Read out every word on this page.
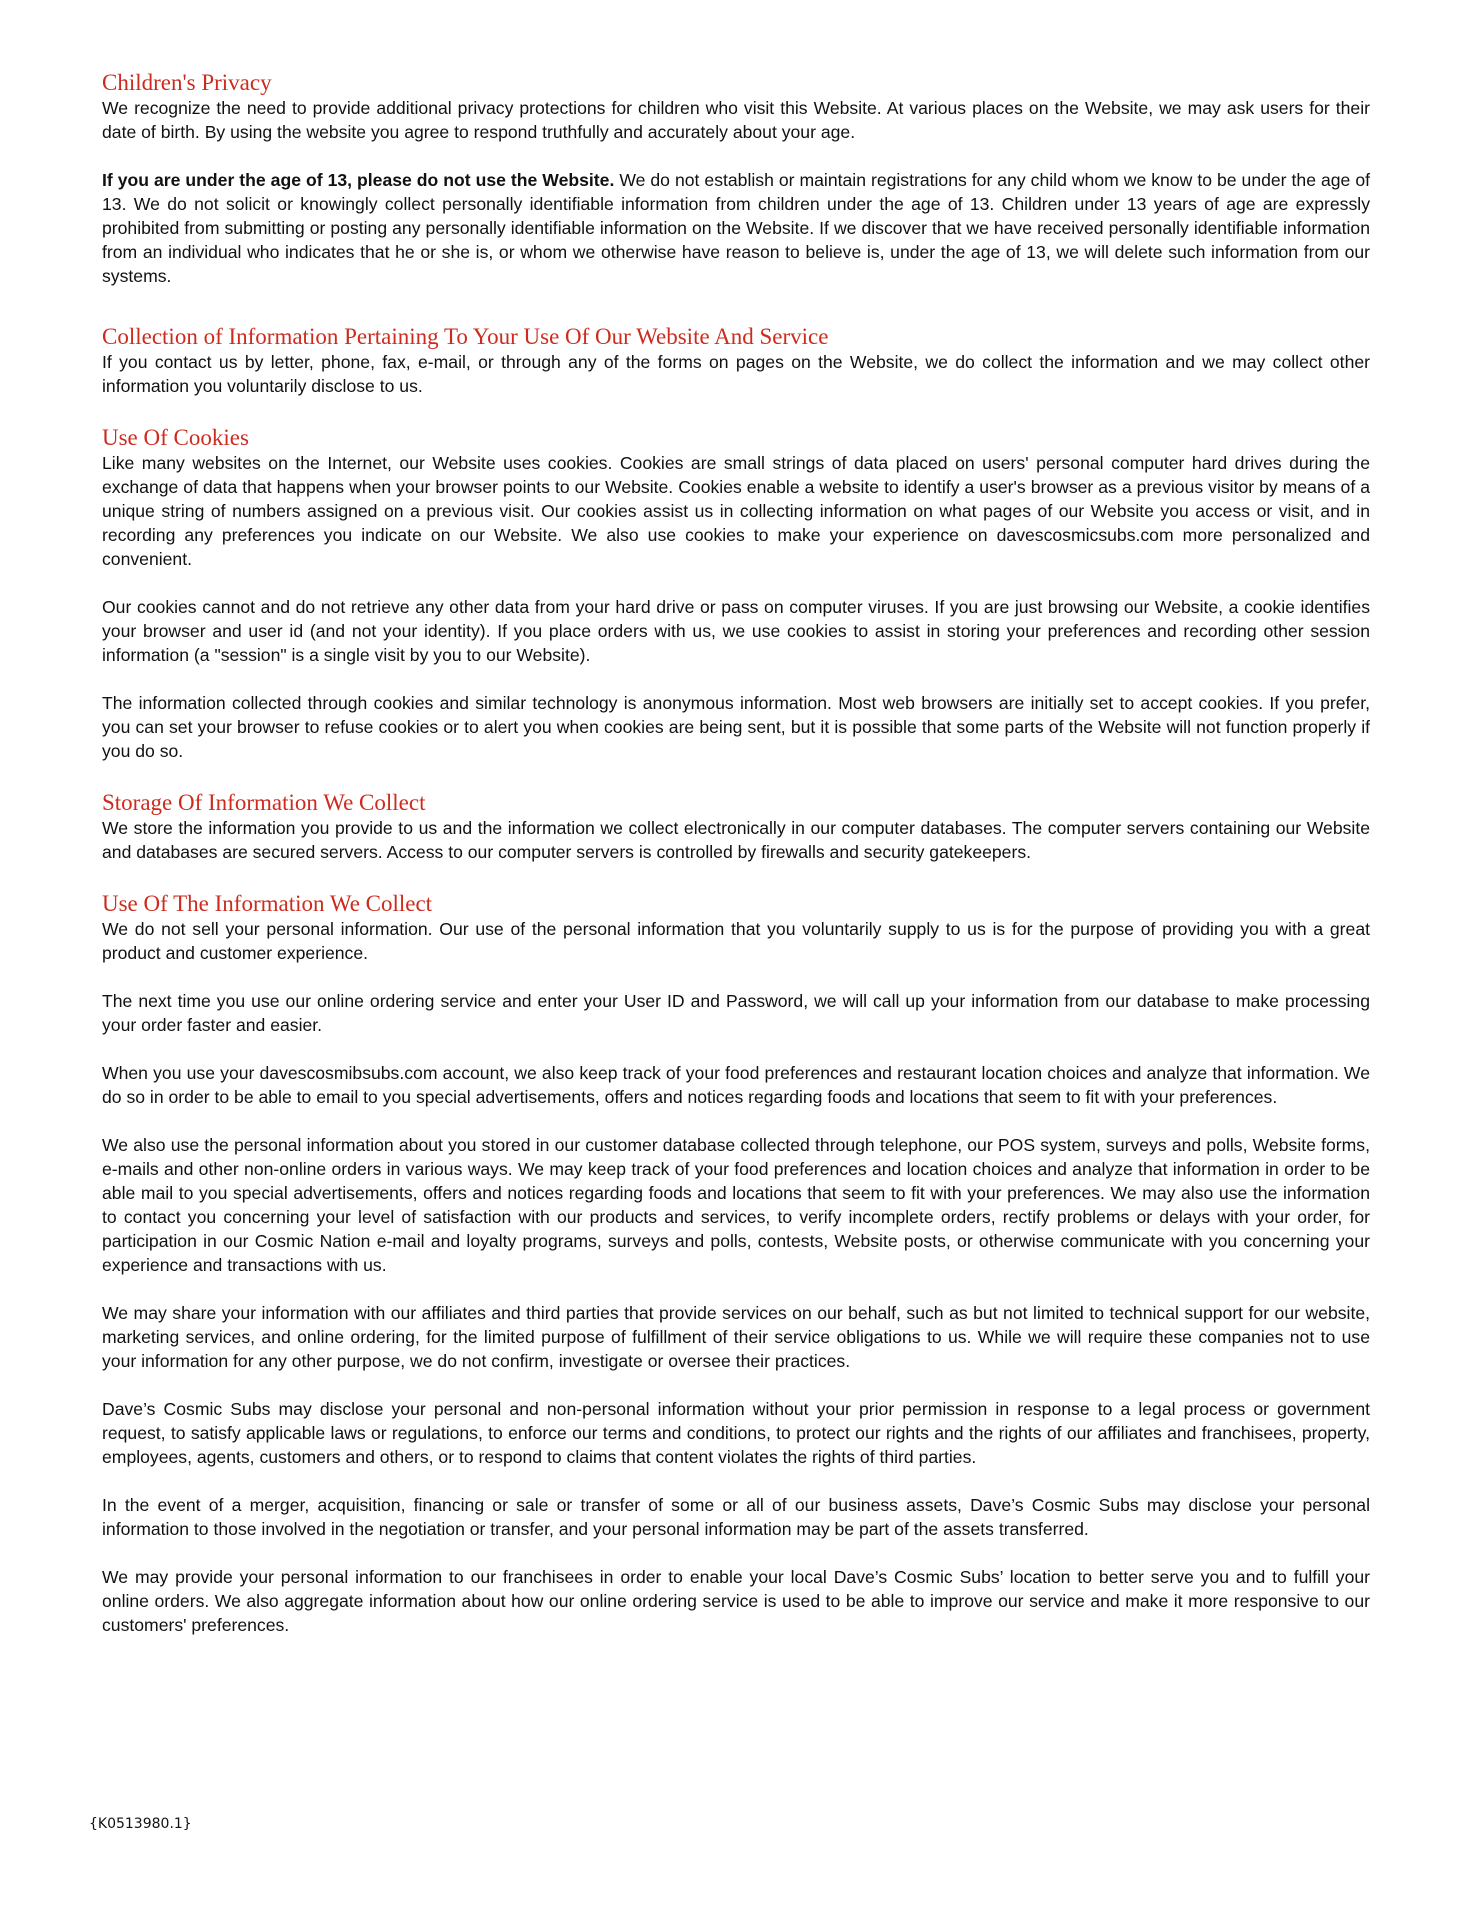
Children's Privacy

We recognize the need to provide additional privacy protections for children who visit this Website. At various places on the Website, we may ask users for their date of birth. By using the website you agree to respond truthfully and accurately about your age.

If you are under the age of 13, please do not use the Website. We do not establish or maintain registrations for any child whom we know to be under the age of 13. We do not solicit or knowingly collect personally identifiable information from children under the age of 13. Children under 13 years of age are expressly prohibited from submitting or posting any personally identifiable information on the Website. If we discover that we have received personally identifiable information from an individual who indicates that he or she is, or whom we otherwise have reason to believe is, under the age of 13, we will delete such information from our systems.

Collection of Information Pertaining To Your Use Of Our Website And Service

If you contact us by letter, phone, fax, e-mail, or through any of the forms on pages on the Website, we do collect the information and we may collect other information you voluntarily disclose to us.

Use Of Cookies

Like many websites on the Internet, our Website uses cookies. Cookies are small strings of data placed on users' personal computer hard drives during the exchange of data that happens when your browser points to our Website. Cookies enable a website to identify a user's browser as a previous visitor by means of a unique string of numbers assigned on a previous visit. Our cookies assist us in collecting information on what pages of our Website you access or visit, and in recording any preferences you indicate on our Website. We also use cookies to make your experience on davescosmicsubs.com more personalized and convenient.

Our cookies cannot and do not retrieve any other data from your hard drive or pass on computer viruses. If you are just browsing our Website, a cookie identifies your browser and user id (and not your identity). If you place orders with us, we use cookies to assist in storing your preferences and recording other session information (a "session" is a single visit by you to our Website).

The information collected through cookies and similar technology is anonymous information. Most web browsers are initially set to accept cookies. If you prefer, you can set your browser to refuse cookies or to alert you when cookies are being sent, but it is possible that some parts of the Website will not function properly if you do so.

Storage Of Information We Collect

We store the information you provide to us and the information we collect electronically in our computer databases. The computer servers containing our Website and databases are secured servers. Access to our computer servers is controlled by firewalls and security gatekeepers.

Use Of The Information We Collect

We do not sell your personal information. Our use of the personal information that you voluntarily supply to us is for the purpose of providing you with a great product and customer experience.

The next time you use our online ordering service and enter your User ID and Password, we will call up your information from our database to make processing your order faster and easier.

When you use your davescosmibsubs.com account, we also keep track of your food preferences and restaurant location choices and analyze that information. We do so in order to be able to email to you special advertisements, offers and notices regarding foods and locations that seem to fit with your preferences.

We also use the personal information about you stored in our customer database collected through telephone, our POS system, surveys and polls, Website forms, e-mails and other non-online orders in various ways. We may keep track of your food preferences and location choices and analyze that information in order to be able mail to you special advertisements, offers and notices regarding foods and locations that seem to fit with your preferences. We may also use the information to contact you concerning your level of satisfaction with our products and services, to verify incomplete orders, rectify problems or delays with your order, for participation in our Cosmic Nation e-mail and loyalty programs, surveys and polls, contests, Website posts, or otherwise communicate with you concerning your experience and transactions with us.

We may share your information with our affiliates and third parties that provide services on our behalf, such as but not limited to technical support for our website, marketing services, and online ordering, for the limited purpose of fulfillment of their service obligations to us. While we will require these companies not to use your information for any other purpose, we do not confirm, investigate or oversee their practices.

Dave’s Cosmic Subs may disclose your personal and non-personal information without your prior permission in response to a legal process or government request, to satisfy applicable laws or regulations, to enforce our terms and conditions, to protect our rights and the rights of our affiliates and franchisees, property, employees, agents, customers and others, or to respond to claims that content violates the rights of third parties.

In the event of a merger, acquisition, financing or sale or transfer of some or all of our business assets, Dave’s Cosmic Subs may disclose your personal information to those involved in the negotiation or transfer, and your personal information may be part of the assets transferred.

We may provide your personal information to our franchisees in order to enable your local Dave’s Cosmic Subs’ location to better serve you and to fulfill your online orders. We also aggregate information about how our online ordering service is used to be able to improve our service and make it more responsive to our customers' preferences.

{K0513980.1}
